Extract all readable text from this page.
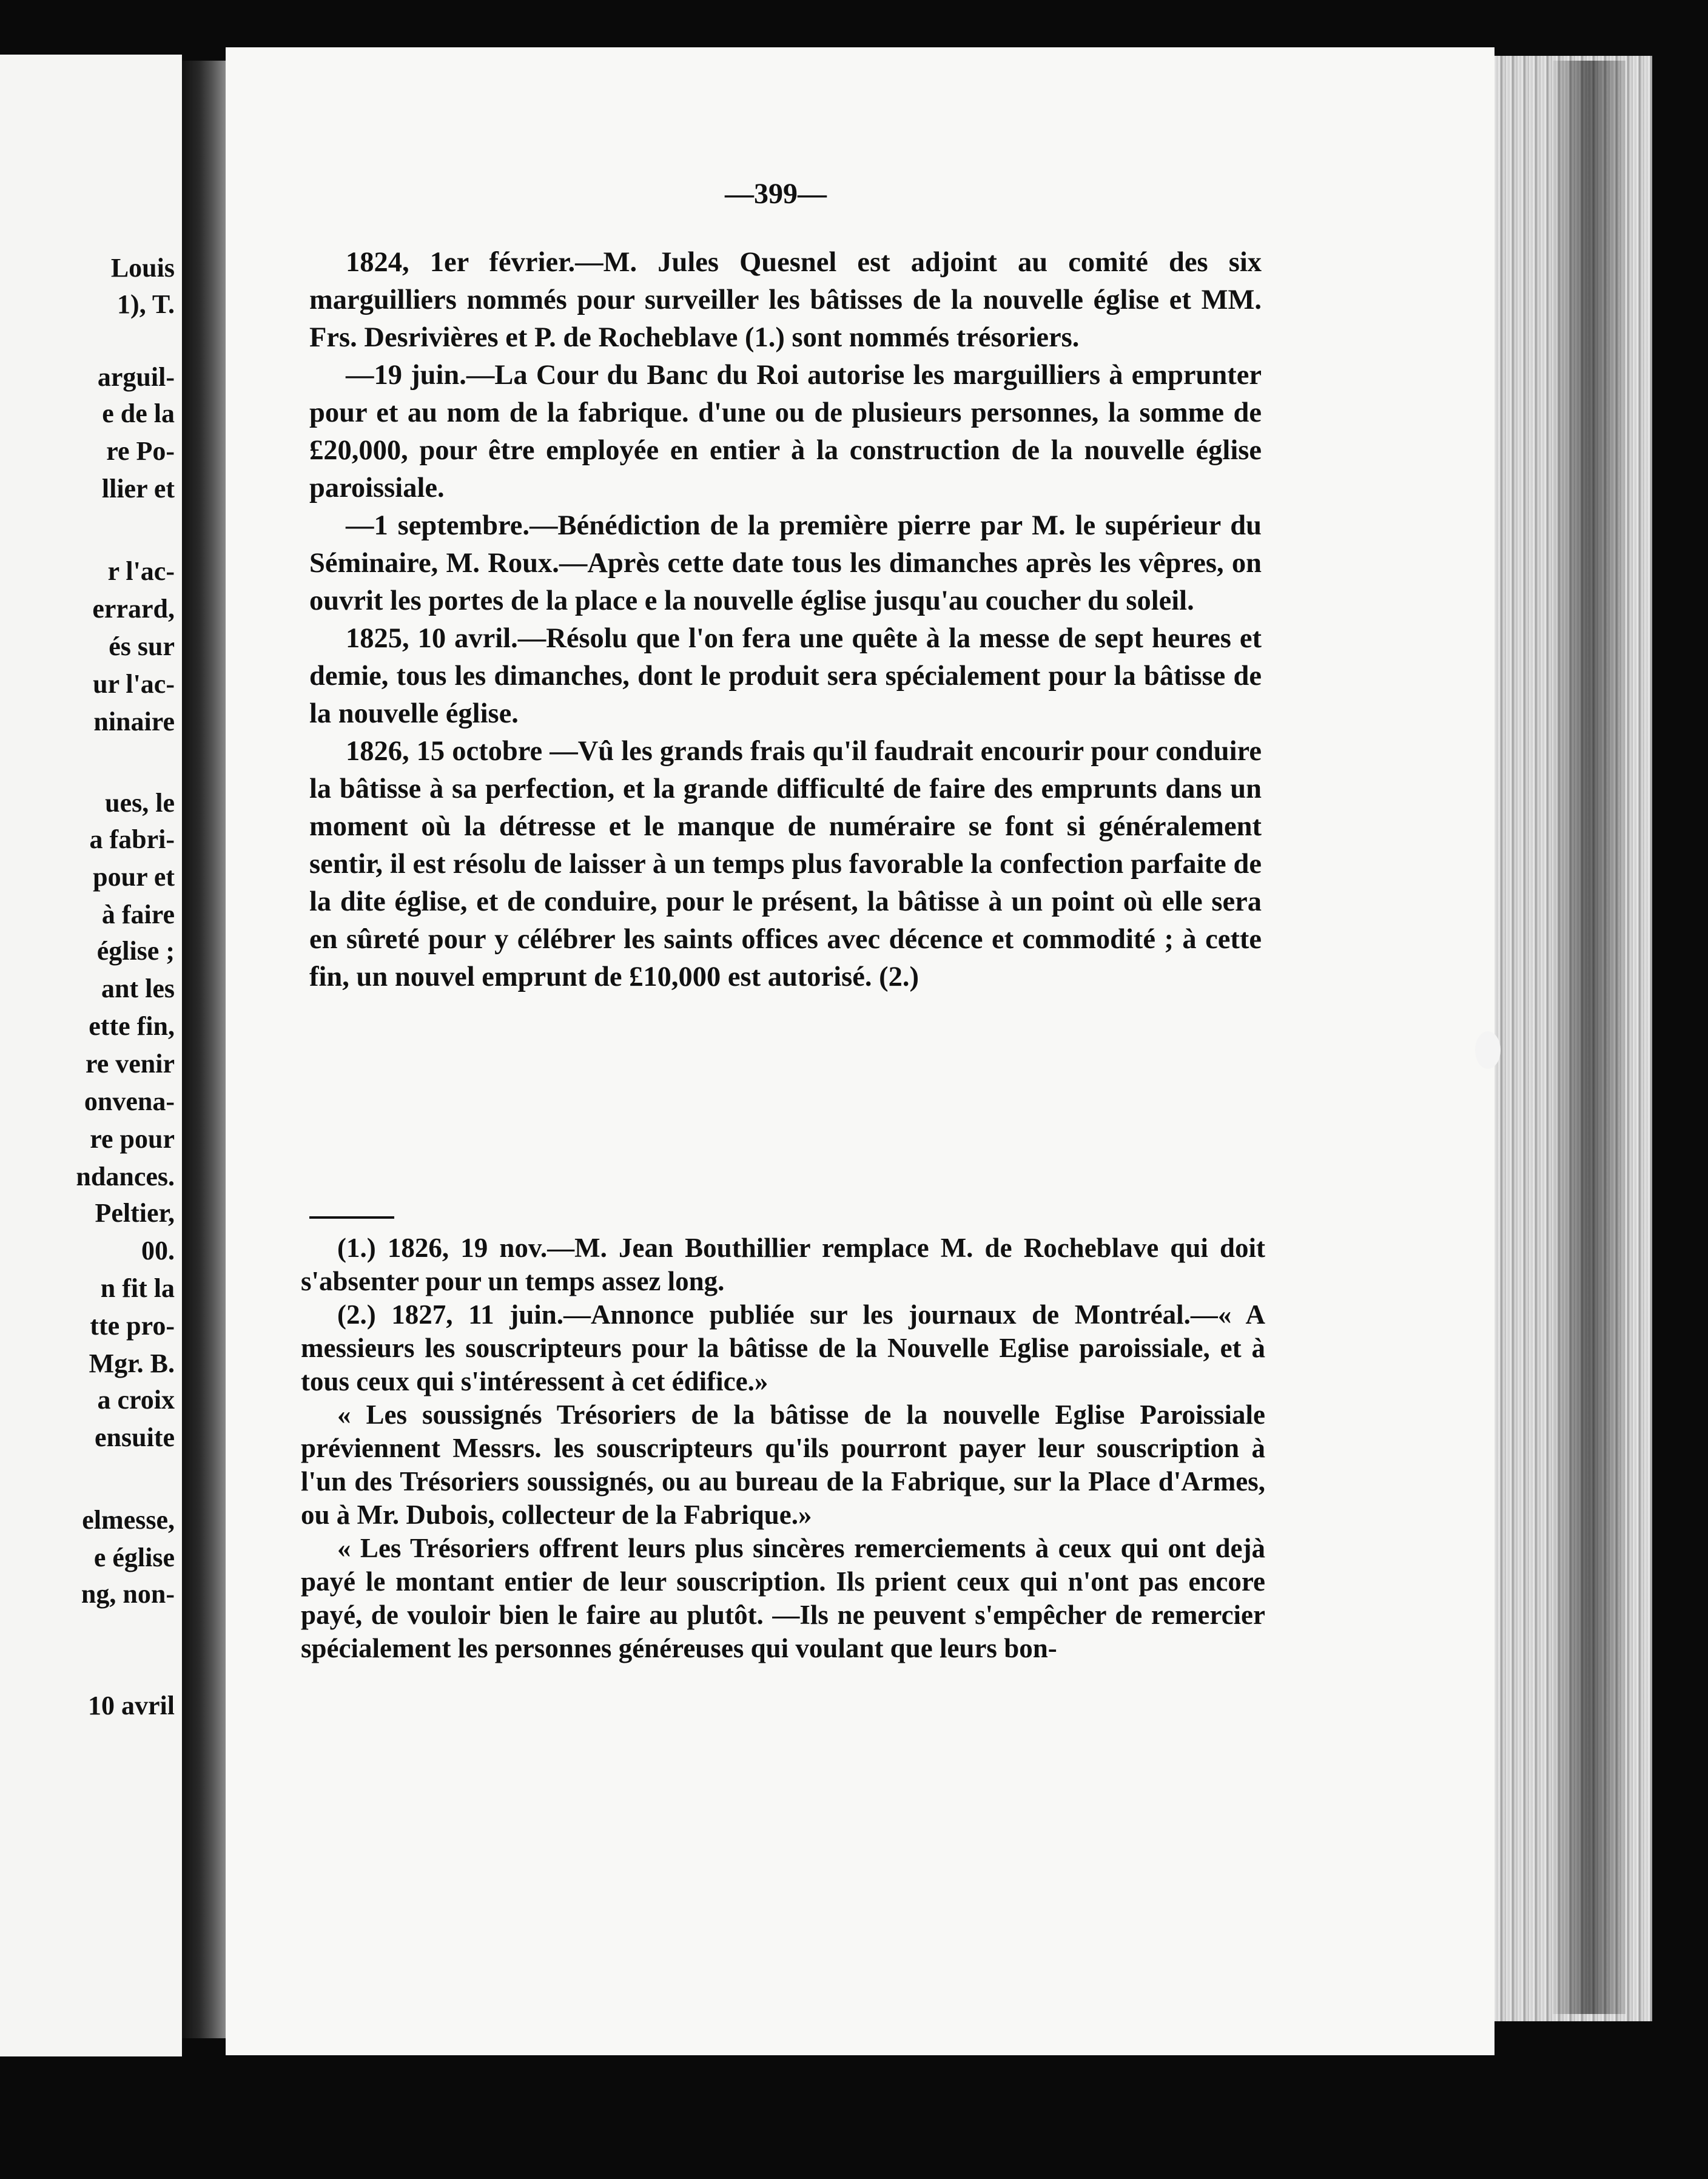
Louis
1), T.
arguil-
e de la
re Po-
llier et
r l'ac-
errard,
és sur
ur l'ac-
ninaire
ues, le
a fabri-
pour et
à faire
église ;
ant les
ette fin,
re venir
onvena-
re pour
ndances.
Peltier,
00.
n fit la
tte pro-
Mgr. B.
a croix
ensuite
elmesse,
e église
ng, non-
10 avril
—399—

1824, 1er février.—M. Jules Quesnel est adjoint au comité des six marguilliers nommés pour surveiller les bâtisses de la nouvelle église et MM. Frs. Desrivières et P. de Rocheblave (1.) sont nommés trésoriers.

—19 juin.—La Cour du Banc du Roi autorise les marguilliers à emprunter pour et au nom de la fabrique. d'une ou de plusieurs personnes, la somme de £20,000, pour être employée en entier à la construction de la nouvelle église paroissiale.

—1 septembre.—Bénédiction de la première pierre par M. le supérieur du Séminaire, M. Roux.—Après cette date tous les dimanches après les vêpres, on ouvrit les portes de la place e la nouvelle église jusqu'au coucher du soleil.

1825, 10 avril.—Résolu que l'on fera une quête à la messe de sept heures et demie, tous les dimanches, dont le produit sera spécialement pour la bâtisse de la nouvelle église.

1826, 15 octobre —Vû les grands frais qu'il faudrait encourir pour conduire la bâtisse à sa perfection, et la grande difficulté de faire des emprunts dans un moment où la détresse et le manque de numéraire se font si généralement sentir, il est résolu de laisser à un temps plus favorable la confection parfaite de la dite église, et de conduire, pour le présent, la bâtisse à un point où elle sera en sûreté pour y célébrer les saints offices avec décence et commodité ; à cette fin, un nouvel emprunt de £10,000 est autorisé. (2.)

(1.) 1826, 19 nov.—M. Jean Bouthillier remplace M. de Rocheblave qui doit s'absenter pour un temps assez long.

(2.) 1827, 11 juin.—Annonce publiée sur les journaux de Montréal.—« A messieurs les souscripteurs pour la bâtisse de la Nouvelle Eglise paroissiale, et à tous ceux qui s'intéressent à cet édifice.»

« Les soussignés Trésoriers de la bâtisse de la nouvelle Eglise Paroissiale préviennent Messrs. les souscripteurs qu'ils pourront payer leur souscription à l'un des Trésoriers soussignés, ou au bureau de la Fabrique, sur la Place d'Armes, ou à Mr. Dubois, collecteur de la Fabrique.»

« Les Trésoriers offrent leurs plus sincères remerciements à ceux qui ont dejà payé le montant entier de leur souscription. Ils prient ceux qui n'ont pas encore payé, de vouloir bien le faire au plutôt. —Ils ne peuvent s'empêcher de remercier spécialement les personnes généreuses qui voulant que leurs bon-
